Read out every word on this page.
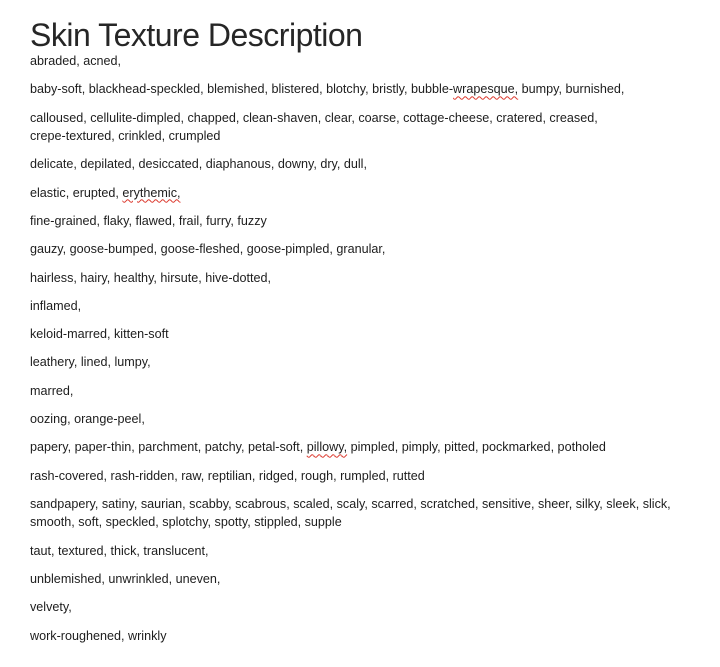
Skin Texture Description
abraded, acned,
baby-soft, blackhead-speckled, blemished, blistered, blotchy, bristly, bubble-wrapesque, bumpy, burnished,
calloused, cellulite-dimpled, chapped, clean-shaven, clear, coarse, cottage-cheese, cratered, creased,
crepe-textured, crinkled, crumpled
delicate, depilated, desiccated, diaphanous, downy, dry, dull,
elastic, erupted, erythemic,
fine-grained, flaky, flawed, frail, furry, fuzzy
gauzy, goose-bumped, goose-fleshed, goose-pimpled, granular,
hairless, hairy, healthy, hirsute, hive-dotted,
inflamed,
keloid-marred, kitten-soft
leathery, lined, lumpy,
marred,
oozing, orange-peel,
papery, paper-thin, parchment, patchy, petal-soft, pillowy, pimpled, pimply, pitted, pockmarked, potholed
rash-covered, rash-ridden, raw, reptilian, ridged, rough, rumpled, rutted
sandpapery, satiny, saurian, scabby, scabrous, scaled, scaly, scarred, scratched, sensitive, sheer, silky, sleek, slick,
smooth, soft, speckled, splotchy, spotty, stippled, supple
taut, textured, thick, translucent,
unblemished, unwrinkled, uneven,
velvety,
work-roughened, wrinkly
